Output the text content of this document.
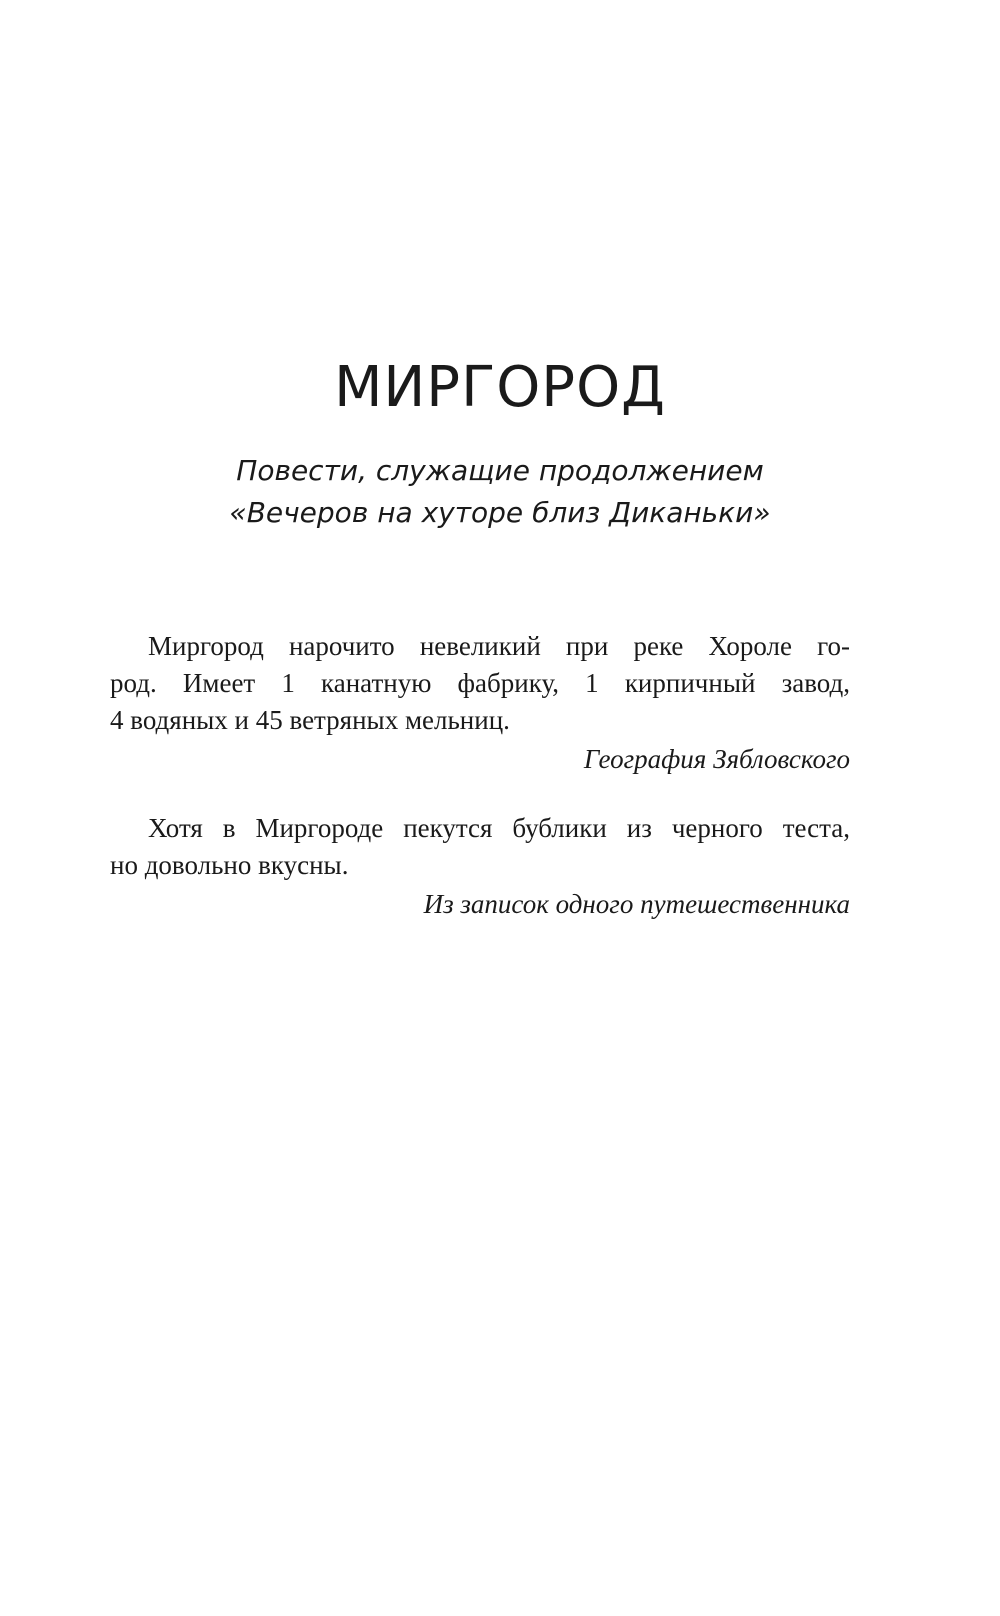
МИРГОРОД
Повести, служащие продолжением
«Вечеров на хуторе близ Диканьки»
Миргород нарочито невеликий при реке Хороле го-
род. Имеет 1 канатную фабрику, 1 кирпичный завод,
4 водяных и 45 ветряных мельниц.
География Зябловского
Хотя в Миргороде пекутся бублики из черного теста,
но довольно вкусны.
Из записок одного путешественника
